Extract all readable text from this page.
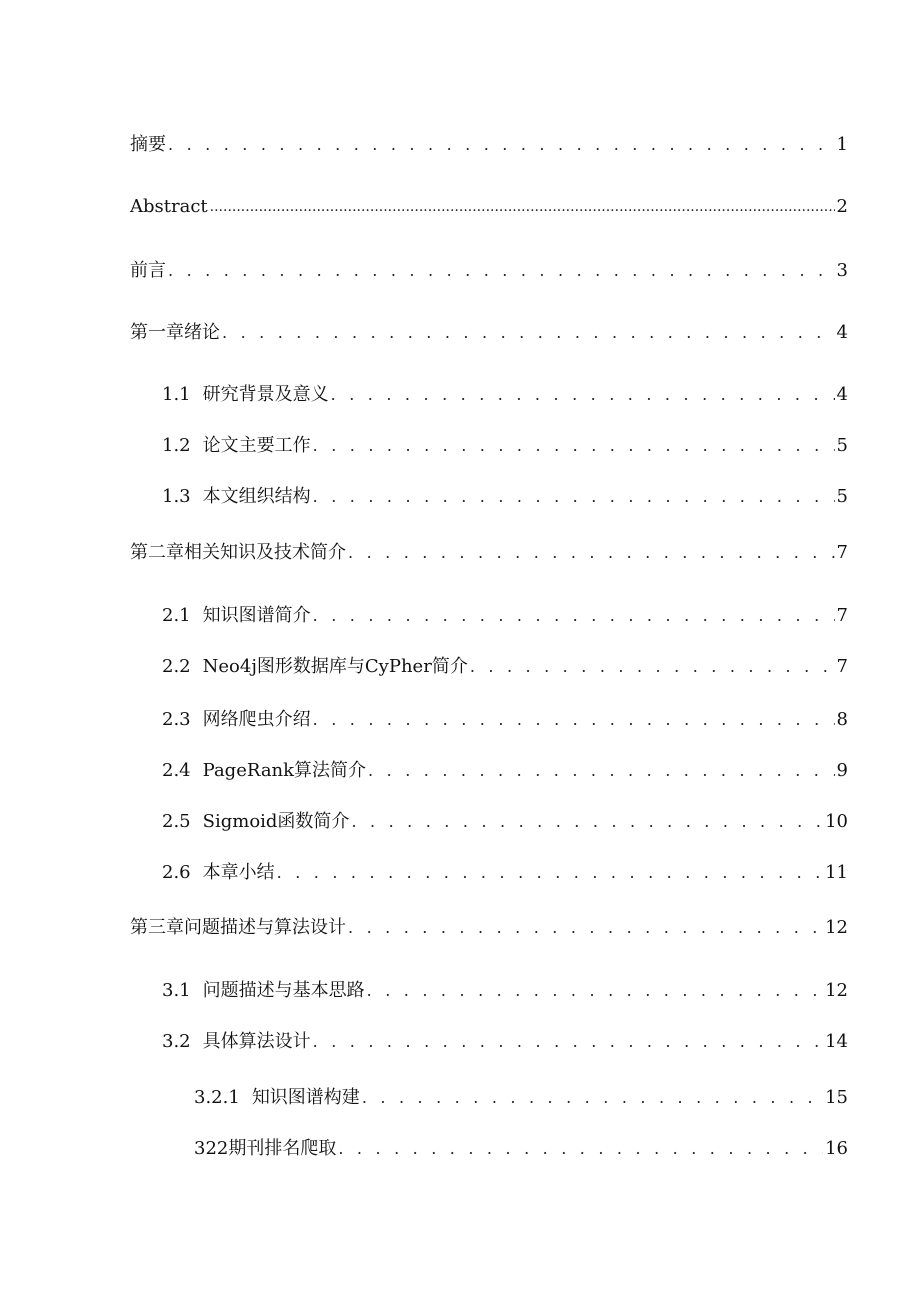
摘要 . . .	1
Abstract .....	2
前言 . . .	3
第一章绪论 . . .	4
1.1 研究背景及意义 . . .	4
1.2 论文主要工作 . . .	5
1.3 本文组织结构 . . .	5
第二章相关知识及技术简介 . . .	7
2.1 知识图谱简介 . . .	7
2.2 Neo4j图形数据库与CyPher简介 . . .	7
2.3 网络爬虫介绍 . . .	8
2.4 PageRank算法简介 . . .	9
2.5 Sigmoid函数简介 . . .	10
2.6 本章小结 . . .	11
第三章问题描述与算法设计 . . .	12
3.1 问题描述与基本思路 . . .	12
3.2 具体算法设计 . . .	14
3.2.1 知识图谱构建 . . .	15
322期刊排名爬取 . . .	16
